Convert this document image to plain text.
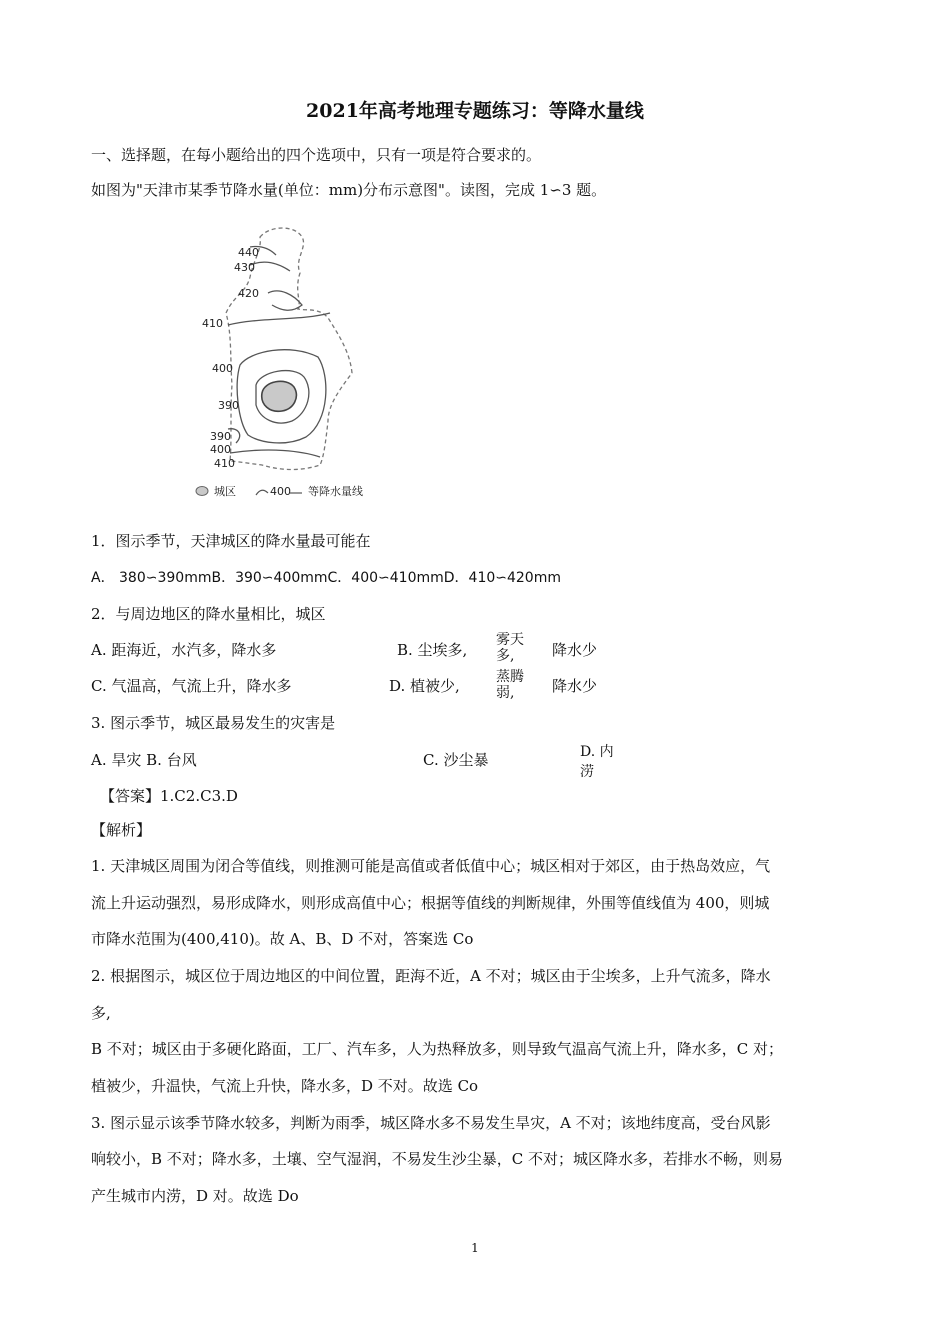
2021年高考地理专题练习：等降水量线
一、选择题，在每小题给出的四个选项中，只有一项是符合要求的。
如图为"天津市某季节降水量(单位：mm)分布示意图"。读图，完成 1∽3 题。
440
430
420
410
400
390
390
400
410
城区	400 等降水量线
1．图示季节，天津城区的降水量最可能在
A． 380∽390mmB．390∽400mmC．400∽410mmD．410∽420mm
2．与周边地区的降水量相比，城区
A. 距海近，水汽多，降水多	B. 尘埃多,
雾天多,	降水少
C. 气温高，气流上升，降水多	D. 植被少,	蒸腾弱,	降水少
3. 图示季节，城区最易发生的灾害是
A. 旱灾 B. 台风	C. 沙尘暴	D. 内
涝
【答案】1.C2.C3.D
【解析】
1. 天津城区周围为闭合等值线，则推测可能是高值或者低值中心；城区相对于郊区，由于热岛效应，气
流上升运动强烈，易形成降水，则形成高值中心；根据等值线的判断规律，外围等值线值为 400，则城
市降水范围为(400,410)。故 A、B、D 不对，答案选 Co
2. 根据图示，城区位于周边地区的中间位置，距海不近，A 不对；城区由于尘埃多，上升气流多，降水
多,
B 不对；城区由于多硬化路面，工厂、汽车多，人为热释放多，则导致气温高气流上升，降水多，C 对；
植被少，升温快，气流上升快，降水多，D 不对。故选 Co
3. 图示显示该季节降水较多，判断为雨季，城区降水多不易发生旱灾，A 不对；该地纬度高，受台风影
响较小，B 不对；降水多，土壤、空气湿润，不易发生沙尘暴，C 不对；城区降水多，若排水不畅，则易
产生城市内涝，D 对。故选 Do
1
